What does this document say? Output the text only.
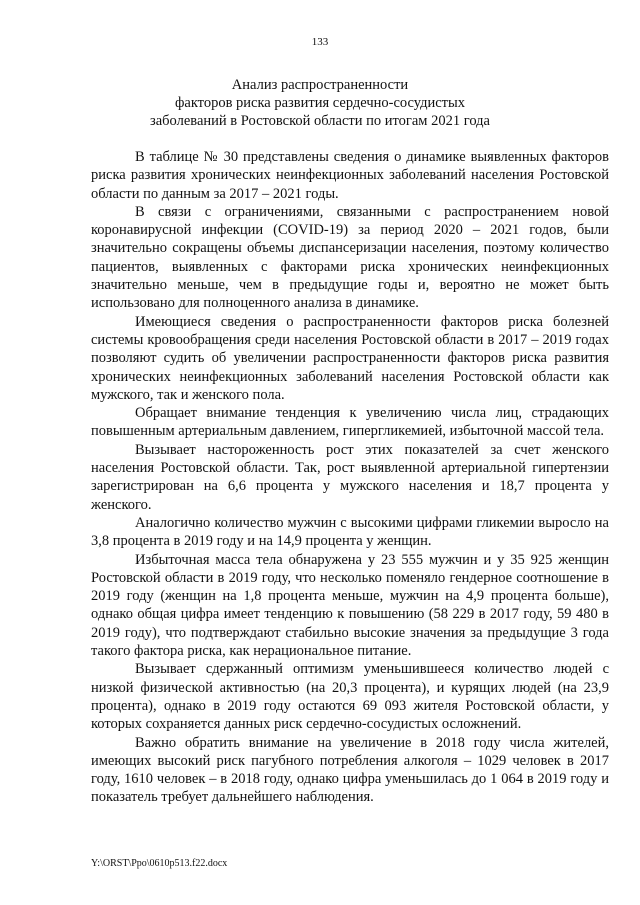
133
Анализ распространенности
факторов риска развития сердечно-сосудистых
заболеваний в Ростовской области по итогам 2021 года

В таблице № 30 представлены сведения о динамике выявленных факторов риска развития хронических неинфекционных заболеваний населения Ростовской области по данным за 2017 – 2021 годы.

В связи с ограничениями, связанными с распространением новой коронавирусной инфекции (COVID-19) за период 2020 – 2021 годов, были значительно сокращены объемы диспансеризации населения, поэтому количество пациентов, выявленных с факторами риска хронических неинфекционных значительно меньше, чем в предыдущие годы и, вероятно не может быть использовано для полноценного анализа в динамике.

Имеющиеся сведения о распространенности факторов риска болезней системы кровообращения среди населения Ростовской области в 2017 – 2019 годах позволяют судить об увеличении распространенности факторов риска развития хронических неинфекционных заболеваний населения Ростовской области как мужского, так и женского пола.

Обращает внимание тенденция к увеличению числа лиц, страдающих повышенным артериальным давлением, гипергликемией, избыточной массой тела.

Вызывает настороженность рост этих показателей за счет женского населения Ростовской области. Так, рост выявленной артериальной гипертензии зарегистрирован на 6,6 процента у мужского населения и 18,7 процента у женского.

Аналогично количество мужчин с высокими цифрами гликемии выросло на 3,8 процента в 2019 году и на 14,9 процента у женщин.

Избыточная масса тела обнаружена у 23 555 мужчин и у 35 925 женщин Ростовской области в 2019 году, что несколько поменяло гендерное соотношение в 2019 году (женщин на 1,8 процента меньше, мужчин на 4,9 процента больше), однако общая цифра имеет тенденцию к повышению (58 229 в 2017 году, 59 480 в 2019 году), что подтверждают стабильно высокие значения за предыдущие 3 года такого фактора риска, как нерациональное питание.

Вызывает сдержанный оптимизм уменьшившееся количество людей с низкой физической активностью (на 20,3 процента), и курящих людей (на 23,9 процента), однако в 2019 году остаются 69 093 жителя Ростовской области, у которых сохраняется данных риск сердечно-сосудистых осложнений.

Важно обратить внимание на увеличение в 2018 году числа жителей, имеющих высокий риск пагубного потребления алкоголя – 1029 человек в 2017 году, 1610 человек – в 2018 году, однако цифра уменьшилась до 1 064 в 2019 году и показатель требует дальнейшего наблюдения.

Y:\ORST\Ppo\0610p513.f22.docx
